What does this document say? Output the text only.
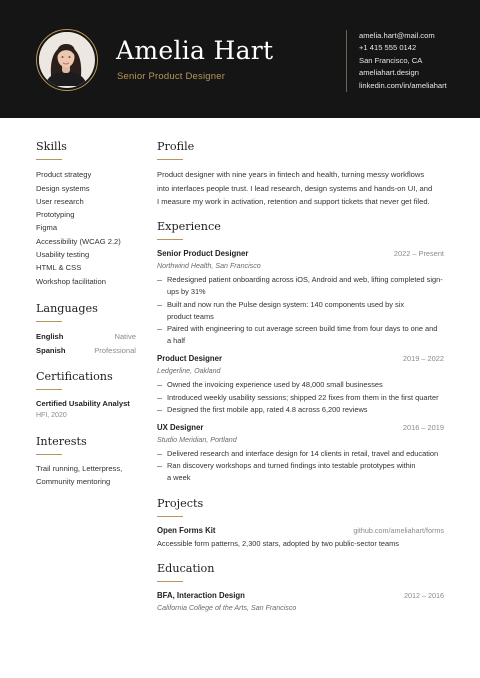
Amelia Hart
Senior Product Designer
amelia.hart@mail.com
+1 415 555 0142
San Francisco, CA
ameliahart.design
linkedin.com/in/ameliahart
Skills
Product strategy
Design systems
User research
Prototyping
Figma
Accessibility (WCAG 2.2)
Usability testing
HTML & CSS
Workshop facilitation
Languages
English	Native
Spanish	Professional
Certifications
Certified Usability Analyst
HFI, 2020
Interests
Trail running, Letterpress,
Community mentoring
Profile
Product designer with nine years in fintech and health, turning messy workflows
into interfaces people trust. I lead research, design systems and hands-on UI, and
I measure my work in activation, retention and support tickets that never get filed.
Experience
Senior Product Designer	2022 – Present
Northwind Health, San Francisco
Redesigned patient onboarding across iOS, Android and web, lifting completed sign-
ups by 31%
Built and now run the Pulse design system: 140 components used by six
product teams
Paired with engineering to cut average screen build time from four days to one and
a half
Product Designer	2019 – 2022
Ledgerline, Oakland
Owned the invoicing experience used by 48,000 small businesses
Introduced weekly usability sessions; shipped 22 fixes from them in the first quarter
Designed the first mobile app, rated 4.8 across 6,200 reviews
UX Designer	2016 – 2019
Studio Meridian, Portland
Delivered research and interface design for 14 clients in retail, travel and education
Ran discovery workshops and turned findings into testable prototypes within
a week
Projects
Open Forms Kit	github.com/ameliahart/forms
Accessible form patterns, 2,300 stars, adopted by two public-sector teams
Education
BFA, Interaction Design	2012 – 2016
California College of the Arts, San Francisco
